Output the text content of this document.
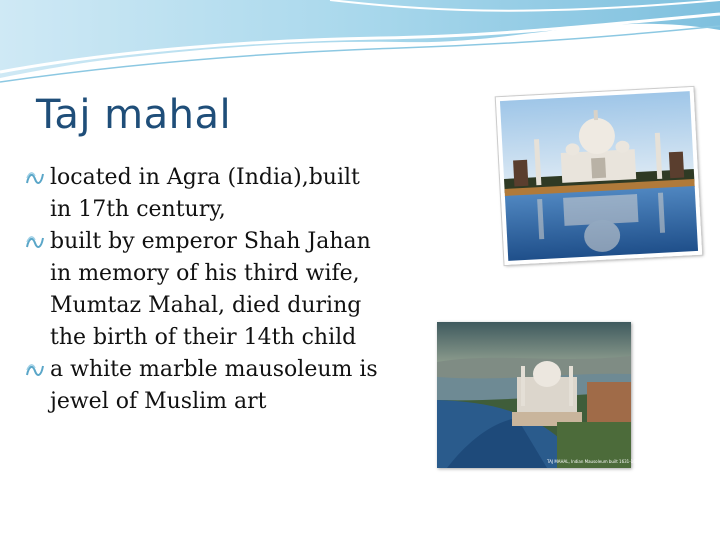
Taj mahal
located in Agra (India),built in 17th century,
built by emperor Shah Jahan in memory of his third wife, Mumtaz Mahal, died during the birth of their 14th child
a white marble mausoleum is jewel of Muslim art
TAJ MAHAL, Indian Mausoleum built 1631-1648
